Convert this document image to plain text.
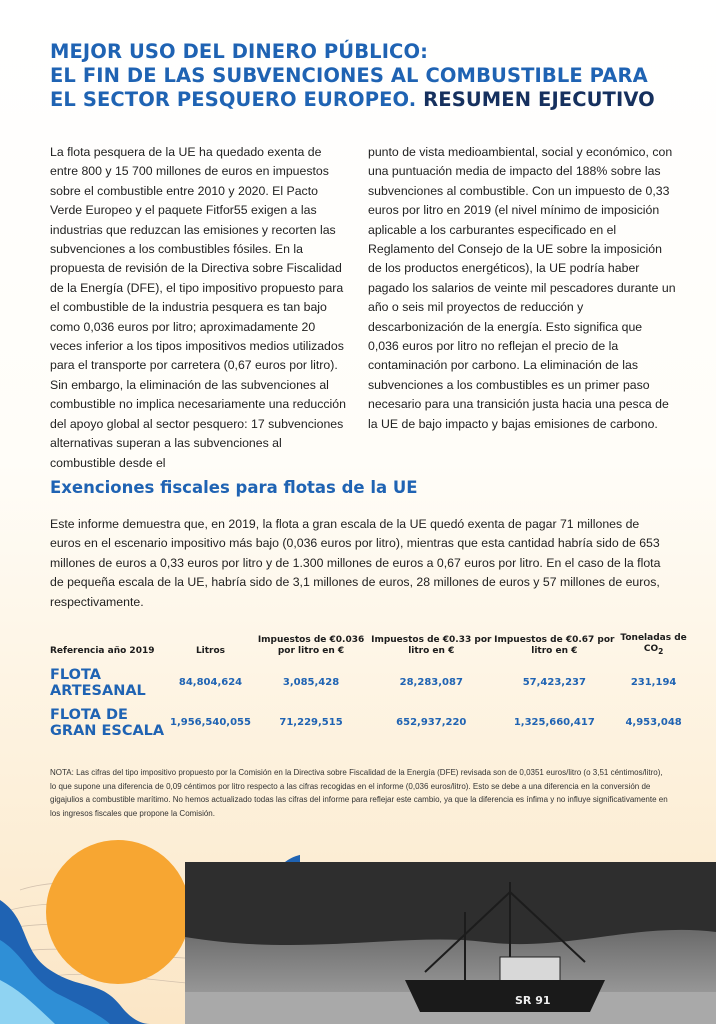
MEJOR USO DEL DINERO PÚBLICO:
EL FIN DE LAS SUBVENCIONES AL COMBUSTIBLE PARA
EL SECTOR PESQUERO EUROPEO. RESUMEN EJECUTIVO

La flota pesquera de la UE ha quedado exenta de entre 800 y 15 700 millones de euros en impuestos sobre el combustible entre 2010 y 2020. El Pacto Verde Europeo y el paquete Fitfor55 exigen a las industrias que reduzcan las emisiones y recorten las subvenciones a los combustibles fósiles. En la propuesta de revisión de la Directiva sobre Fiscalidad de la Energía (DFE), el tipo impositivo propuesto para el combustible de la industria pesquera es tan bajo como 0,036 euros por litro; aproximadamente 20 veces inferior a los tipos impositivos medios utilizados para el transporte por carretera (0,67 euros por litro). Sin embargo, la eliminación de las subvenciones al combustible no implica necesariamente una reducción del apoyo global al sector pesquero: 17 subvenciones alternativas superan a las subvenciones al combustible desde el

punto de vista medioambiental, social y económico, con una puntuación media de impacto del 188% sobre las subvenciones al combustible. Con un impuesto de 0,33 euros por litro en 2019 (el nivel mínimo de imposición aplicable a los carburantes especificado en el Reglamento del Consejo de la UE sobre la imposición de los productos energéticos), la UE podría haber pagado los salarios de veinte mil pescadores durante un año o seis mil proyectos de reducción y descarbonización de la energía. Esto significa que 0,036 euros por litro no reflejan el precio de la contaminación por carbono. La eliminación de las subvenciones a los combustibles es un primer paso necesario para una transición justa hacia una pesca de la UE de bajo impacto y bajas emisiones de carbono.

Exenciones fiscales para flotas de la UE

Este informe demuestra que, en 2019, la flota a gran escala de la UE quedó exenta de pagar 71 millones de euros en el escenario impositivo más bajo (0,036 euros por litro), mientras que esta cantidad habría sido de 653 millones de euros a 0,33 euros por litro y de 1.300 millones de euros a 0,67 euros por litro. En el caso de la flota de pequeña escala de la UE, habría sido de 3,1 millones de euros, 28 millones de euros y 57 millones de euros, respectivamente.

Referencia año 2019	Litros	Impuestos de €0.036 por litro en €	Impuestos de €0.33 por litro en €	Impuestos de €0.67 por litro en €	Toneladas de $CO_2$
FLOTA ARTESANAL	84,804,624	3,085,428	28,283,087	57,423,237	231,194
FLOTA DE GRAN ESCALA	1,956,540,055	71,229,515	652,937,220	1,325,660,417	4,953,048

NOTA: Las cifras del tipo impositivo propuesto por la Comisión en la Directiva sobre Fiscalidad de la Energía (DFE) revisada son de 0,0351 euros/litro (o 3,51 céntimos/litro), lo que supone una diferencia de 0,09 céntimos por litro respecto a las cifras recogidas en el informe (0,036 euros/litro). Esto se debe a una diferencia en la conversión de gigajulios a combustible marítimo. No hemos actualizado todas las cifras del informe para reflejar este cambio, ya que la diferencia es ínfima y no influye significativamente en los ingresos fiscales que propone la Comisión.

SR 91
